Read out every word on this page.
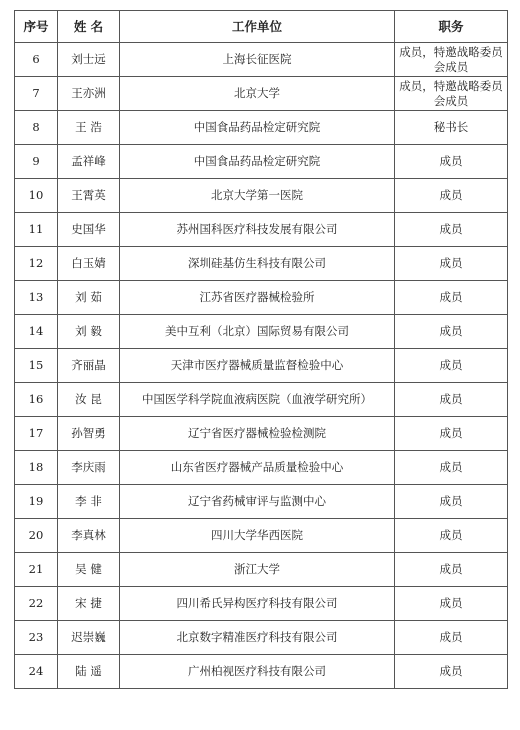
序号	姓 名	工作单位	职务
6	刘士远	上海长征医院	成员，特邀战略委员会成员
7	王亦洲	北京大学	成员，特邀战略委员会成员
8	王 浩	中国食品药品检定研究院	秘书长
9	孟祥峰	中国食品药品检定研究院	成员
10	王霄英	北京大学第一医院	成员
11	史国华	苏州国科医疗科技发展有限公司	成员
12	白玉婧	深圳硅基仿生科技有限公司	成员
13	刘 茹	江苏省医疗器械检验所	成员
14	刘 毅	美中互利（北京）国际贸易有限公司	成员
15	齐丽晶	天津市医疗器械质量监督检验中心	成员
16	汝 昆	中国医学科学院血液病医院（血液学研究所）	成员
17	孙智勇	辽宁省医疗器械检验检测院	成员
18	李庆雨	山东省医疗器械产品质量检验中心	成员
19	李 非	辽宁省药械审评与监测中心	成员
20	李真林	四川大学华西医院	成员
21	吴 健	浙江大学	成员
22	宋 捷	四川希氏异构医疗科技有限公司	成员
23	迟崇巍	北京数字精准医疗科技有限公司	成员
24	陆 遥	广州柏视医疗科技有限公司	成员
